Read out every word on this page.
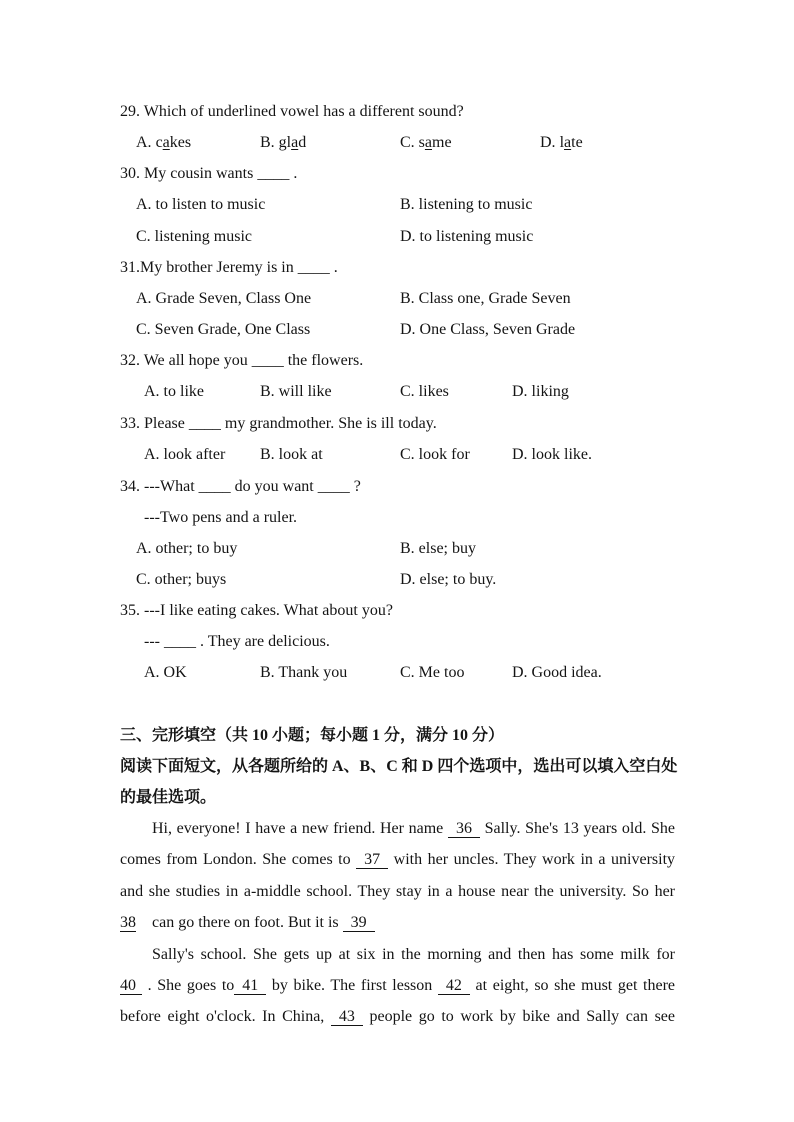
29. Which of underlined vowel has a different sound?
A. cakes	B. glad	C. same	D. late
30. My cousin wants ____ .
A. to listen to music	B. listening to music
C. listening music	D. to listening music
31.My brother Jeremy is in ____ .
A. Grade Seven, Class One	B. Class one, Grade Seven
C. Seven Grade, One Class	D. One Class, Seven Grade
32. We all hope you ____ the flowers.
A. to like	B. will like	C. likes	D. liking
33. Please ____ my grandmother. She is ill today.
A. look after B. look at	C. look for	D. look like.
34. ---What ____ do you want ____ ?
---Two pens and a ruler.
A. other; to buy	B. else; buy
C. other; buys	D. else; to buy.
35. ---I like eating cakes. What about you?
--- ____ . They are delicious.
A. OK	B. Thank you	C. Me too	D. Good idea.
三、完形填空（共 10 小题；每小题 1 分，满分 10 分）
阅读下面短文，从各题所给的 A、B、C 和 D 四个选项中，选出可以填入空白处
的最佳选项。
Hi, everyone! I have a new friend. Her name 36 Sally. She's 13 years old. She
comes from London. She comes to 37 with her uncles. They work in a university
and she studies in a-middle school. They stay in a house near the university. So her
38 can go there on foot. But it is 39
Sally's school. She gets up at six in the morning and then has some milk for
40 . She goes to 41 by bike. The first lesson 42 at eight, so she must get there
before eight o'clock. In China, 43 people go to work by bike and Sally can see
